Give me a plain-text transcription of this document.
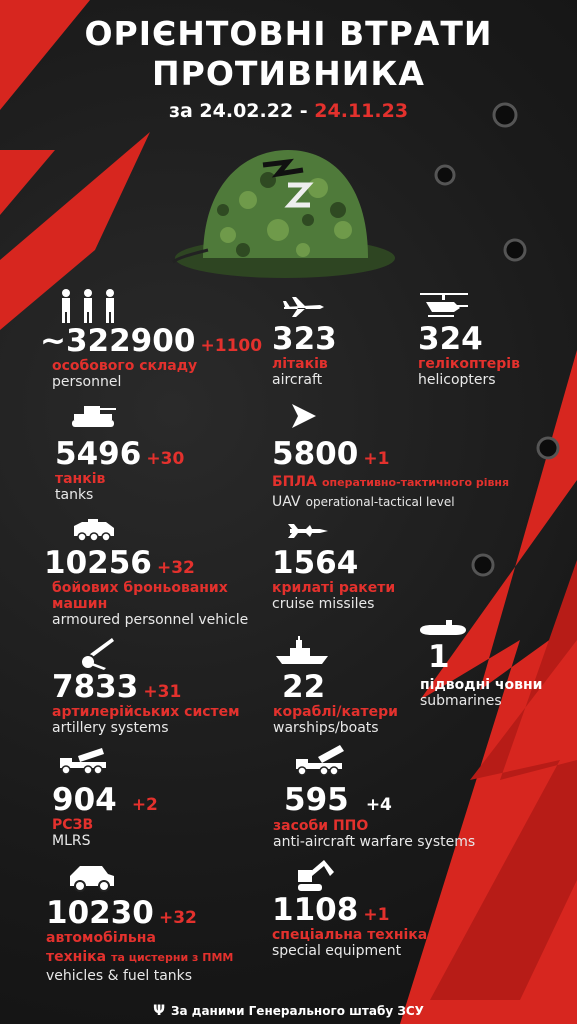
ОРІЄНТОВНІ ВТРАТИ
ПРОТИВНИКА
за 24.02.22 - 24.11.23
~322900 +1100
особового складу
personnel
323
літаків
aircraft
324
гелікоптерів
helicopters
5496 +30
танків
tanks
5800 +1
БПЛА оперативно-тактичного рівня
UAV operational-tactical level
10256 +32
бойових броньованих
машин
armoured personnel vehicle
1564
крилаті ракети
cruise missiles
1
підводні човни
submarines
7833 +31
артилерійських систем
artillery systems
22
кораблі/катери
warships/boats
904 +2
РСЗВ
MLRS
595 +4
засоби ППО
anti-aircraft warfare systems
10230 +32
автомобільна
техніка та цистерни з ПММ
vehicles & fuel tanks
1108 +1
спеціальна техніка
special equipment
Ψ За даними Генерального штабу ЗСУ
